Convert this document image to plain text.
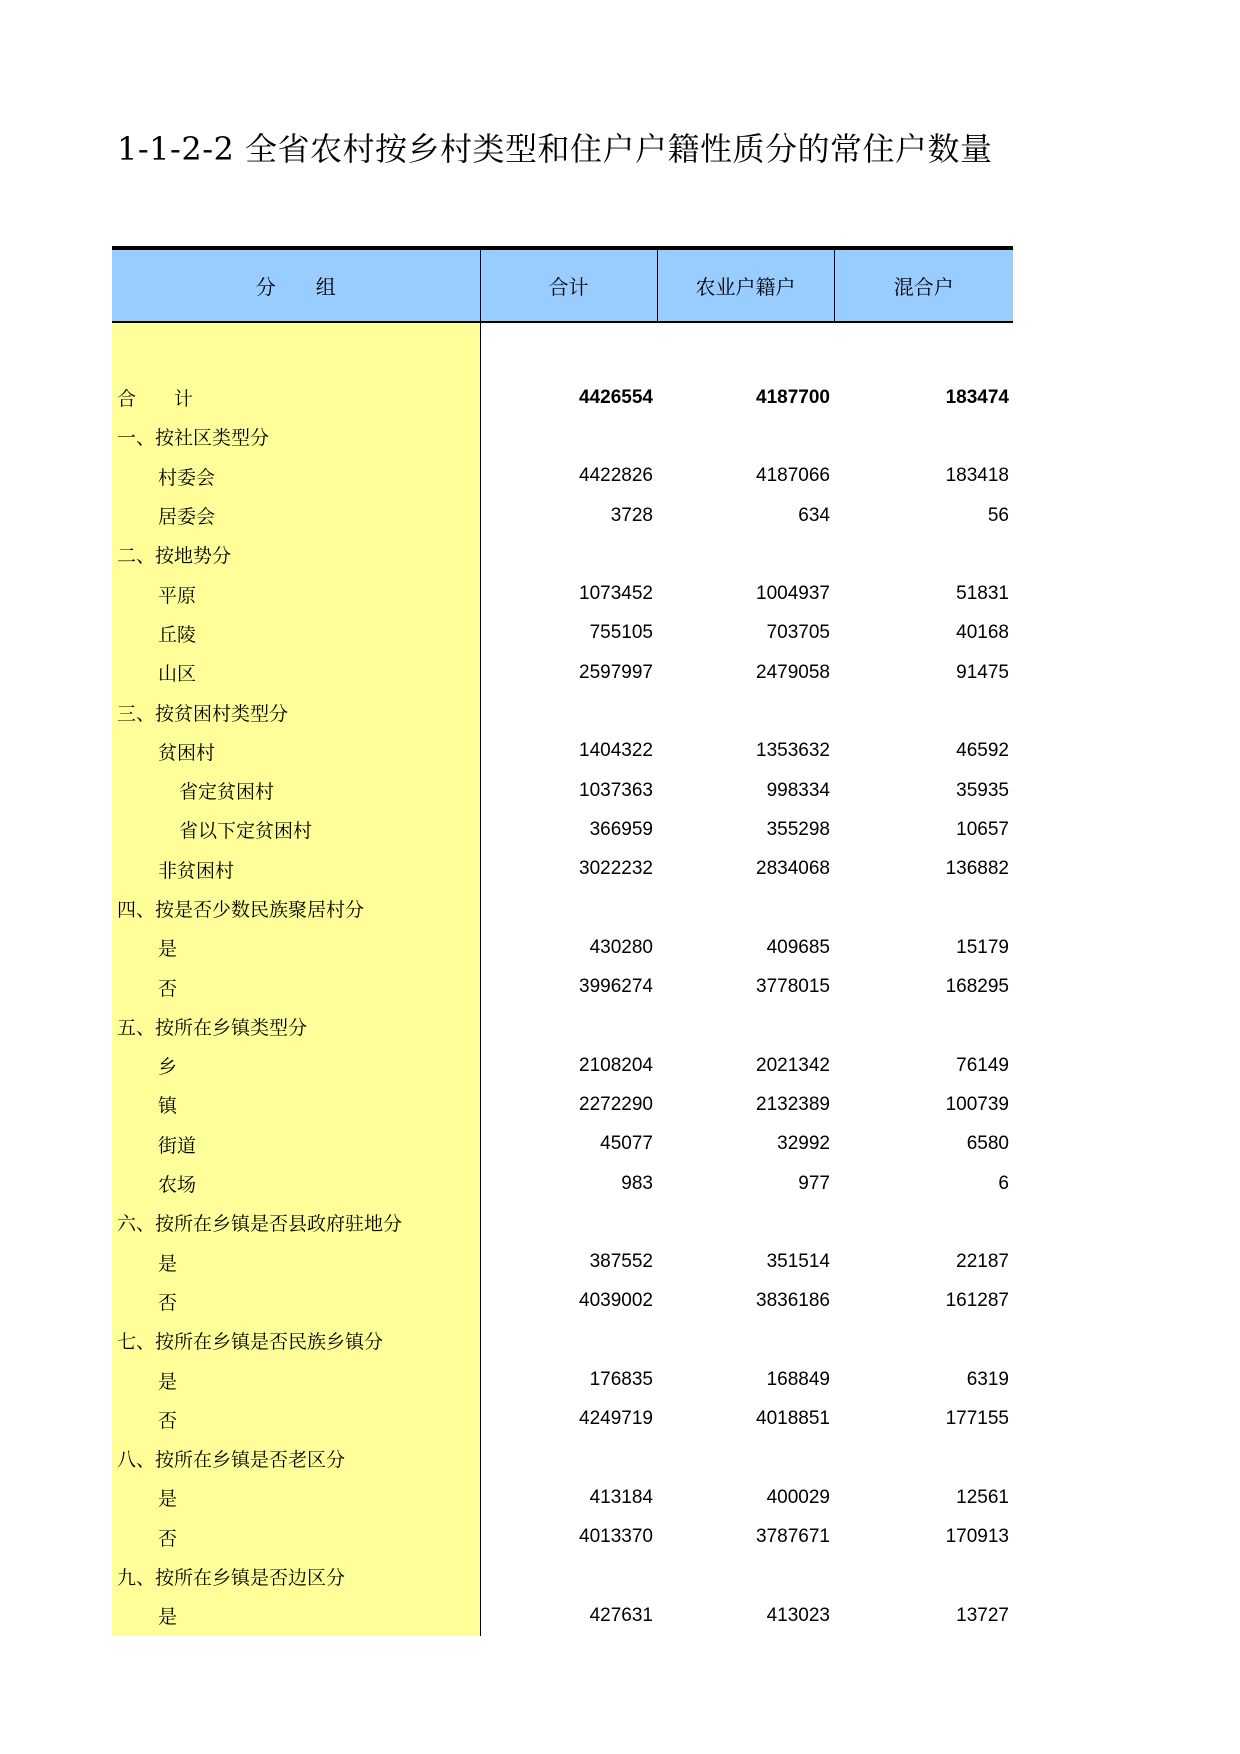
1-1-2-2 全省农村按乡村类型和住户户籍性质分的常住户数量
分 组	合计	农业户籍户	混合户

合 计	4426554	4187700	183474
一、按社区类型分			
村委会	4422826	4187066	183418
居委会	3728	634	56
二、按地势分			
平原	1073452	1004937	51831
丘陵	755105	703705	40168
山区	2597997	2479058	91475
三、按贫困村类型分			
贫困村	1404322	1353632	46592
省定贫困村	1037363	998334	35935
省以下定贫困村	366959	355298	10657
非贫困村	3022232	2834068	136882
四、按是否少数民族聚居村分			
是	430280	409685	15179
否	3996274	3778015	168295
五、按所在乡镇类型分			
乡	2108204	2021342	76149
镇	2272290	2132389	100739
街道	45077	32992	6580
农场	983	977	6
六、按所在乡镇是否县政府驻地分			
是	387552	351514	22187
否	4039002	3836186	161287
七、按所在乡镇是否民族乡镇分			
是	176835	168849	6319
否	4249719	4018851	177155
八、按所在乡镇是否老区分			
是	413184	400029	12561
否	4013370	3787671	170913
九、按所在乡镇是否边区分			
是	427631	413023	13727
